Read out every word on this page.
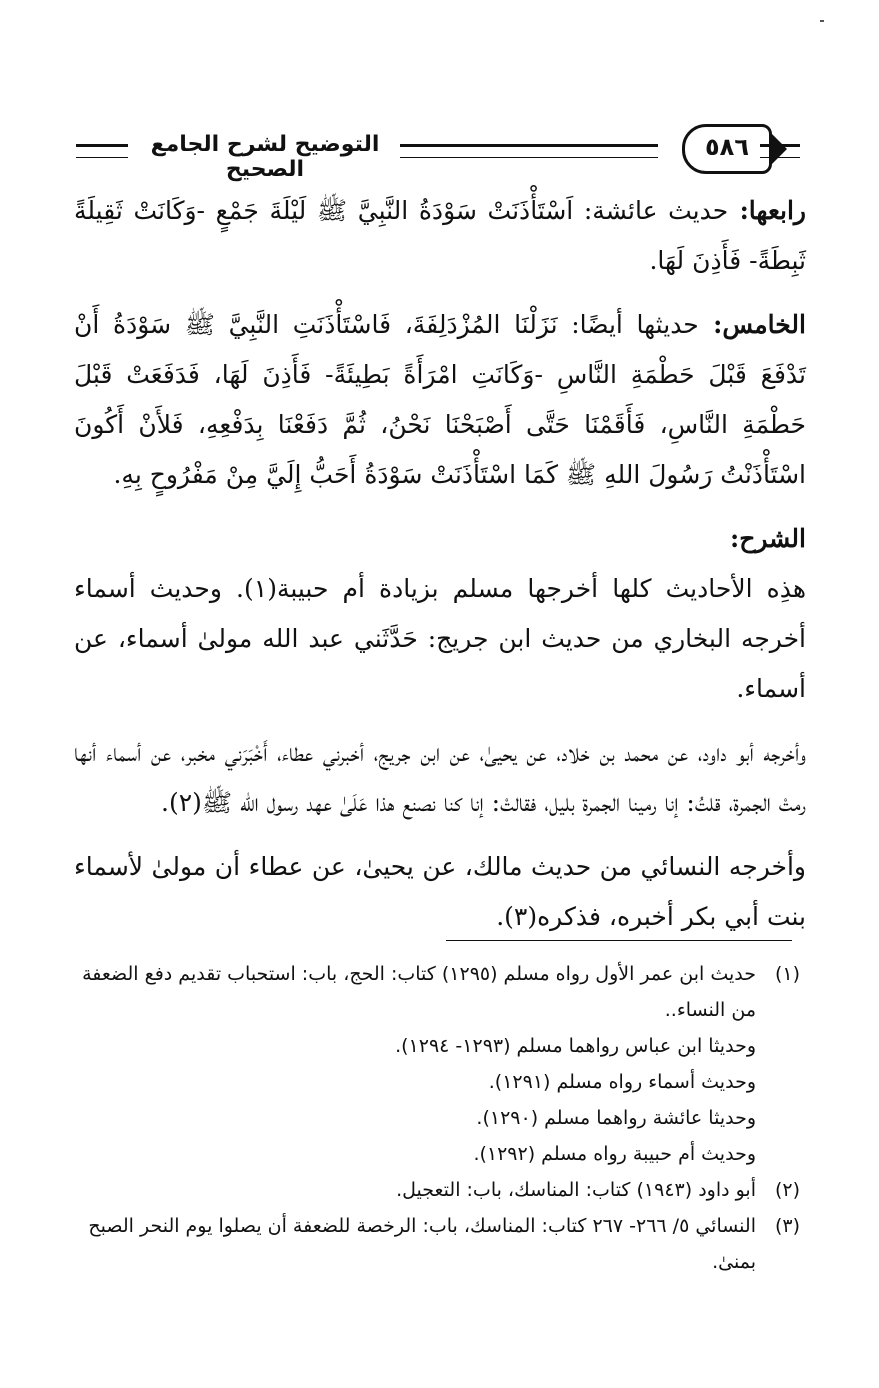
التوضيح لشرح الجامع الصحيح
٥٨٦

رابعها: حديث عائشة: اَسْتَأْذَنَتْ سَوْدَةُ النَّبِيَّ ﷺ لَيْلَةَ جَمْعٍ -وَكَانَتْ ثَقِيلَةً ثَبِطَةً- فَأَذِنَ لَهَا.

الخامس: حديثها أيضًا: نَزَلْنَا المُزْدَلِفَةَ، فَاسْتَأْذَنَتِ النَّبِيَّ ﷺ سَوْدَةُ أَنْ تَدْفَعَ قَبْلَ حَطْمَةِ النَّاسِ -وَكَانَتِ امْرَأَةً بَطِيئَةً- فَأَذِنَ لَهَا، فَدَفَعَتْ قَبْلَ حَطْمَةِ النَّاسِ، فَأَقَمْنَا حَتَّى أَصْبَحْنَا نَحْنُ، ثُمَّ دَفَعْنَا بِدَفْعِهِ، فَلأَنْ أَكُونَ اسْتَأْذَنْتُ رَسُولَ اللهِ ﷺ كَمَا اسْتَأْذَنَتْ سَوْدَةُ أَحَبُّ إِلَيَّ مِنْ مَفْرُوحٍ بِهِ.

الشرح:

هذِه الأحاديث كلها أخرجها مسلم بزيادة أم حبيبة(١). وحديث أسماء أخرجه البخاري من حديث ابن جريج: حَدَّثَني عبد الله مولىٰ أسماء، عن أسماء.

وأخرجه أبو داود، عن محمد بن خلاد، عن يحيىٰ، عن ابن جريج، أخبرني عطاء، أَخْبَرَني مخبر، عن أسماء أنها رمتْ الجمرة، قلتُ: إنا رمينا الجمرة بليل، فقالتْ: إنا كنا نصنع هذا عَلَىٰ عهد رسول الله ﷺ(٢).

وأخرجه النسائي من حديث مالك، عن يحيىٰ، عن عطاء أن مولىٰ لأسماء بنت أبي بكر أخبره، فذكره(٣).

(١)
حديث ابن عمر الأول رواه مسلم (١٢٩٥) كتاب: الحج، باب: استحباب تقديم دفع الضعفة من النساء..
وحديثا ابن عباس رواهما مسلم (١٢٩٣- ١٢٩٤).
وحديث أسماء رواه مسلم (١٢٩١).
وحديثا عائشة رواهما مسلم (١٢٩٠).
وحديث أم حبيبة رواه مسلم (١٢٩٢).
(٢)
أبو داود (١٩٤٣) كتاب: المناسك، باب: التعجيل.
(٣)
النسائي ٥/ ٢٦٦- ٢٦٧ كتاب: المناسك، باب: الرخصة للضعفة أن يصلوا يوم النحر الصبح بمنىٰ.
